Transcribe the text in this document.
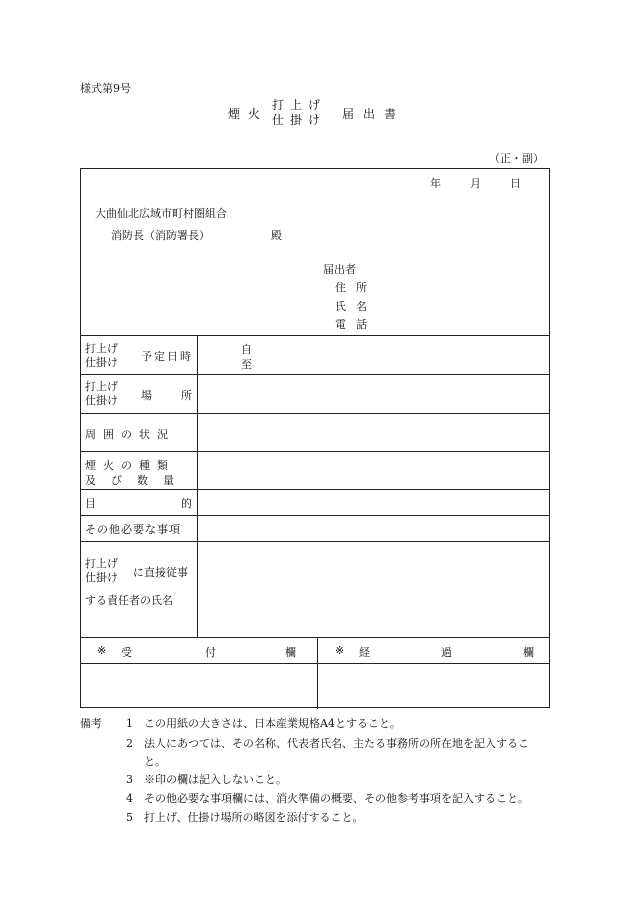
様式第9号
煙火
打上げ
仕掛け 届出書
（正・副）
年	月	日
大曲仙北広域市町村圏組合
消防長（消防署長）	殿
届出者
住所
氏名
電話
打上げ
仕掛け 予定日時
自
至
打上げ
仕掛け 場	所
周囲の状況
煙火の種類
及び数量
目	的
その他必要な事項
打上げ
仕掛け に直接従事
する責任者の氏名
※ 受	付	欄	※ 経	過	欄
備考 1 この用紙の大きさは、日本産業規格A4とすること。
2 法人にあつては、その名称、代表者氏名、主たる事務所の所在地を記入するこ
と。
3 ※印の欄は記入しないこと。
4 その他必要な事項欄には、消火準備の概要、その他参考事項を記入すること。
5 打上げ、仕掛け場所の略図を添付すること。
